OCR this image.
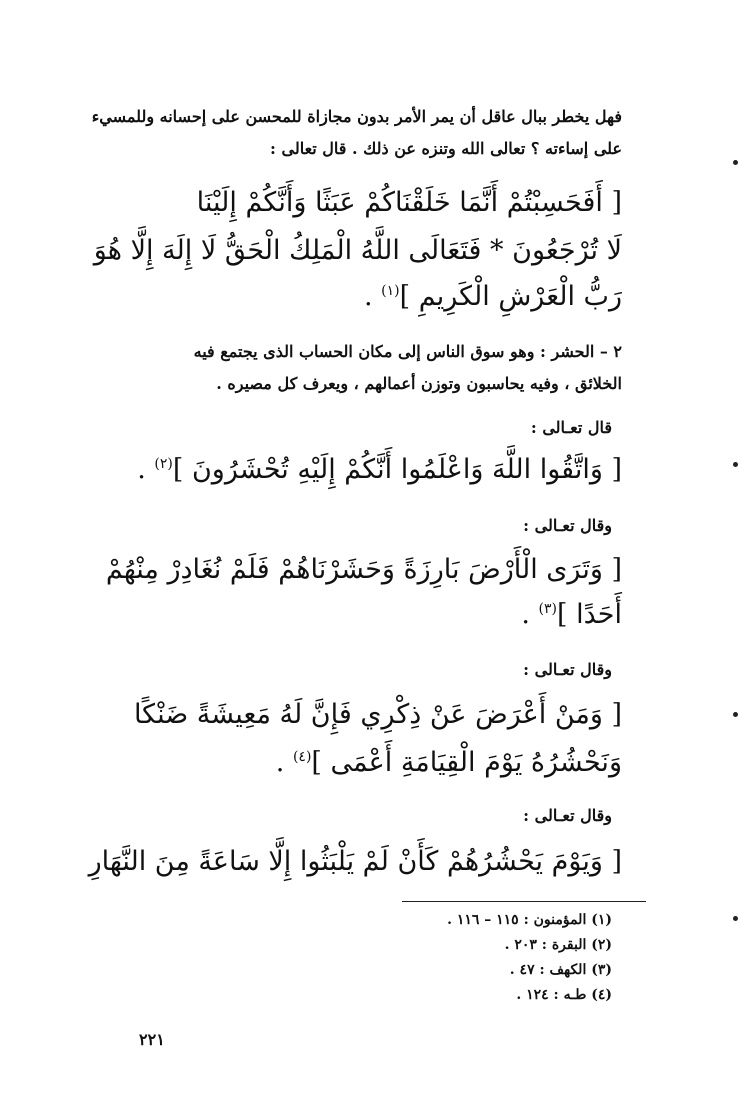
فهل يخطر ببال عاقل أن يمر الأمر بدون مجازاة للمحسن على إحسانه وللمسيء
على إساءته ؟ تعالى الله وتنزه عن ذلك . قال تعالى :
[ أَفَحَسِبْتُمْ أَنَّمَا خَلَقْنَاكُمْ عَبَثًا وَأَنَّكُمْ إِلَيْنَا
لَا تُرْجَعُونَ * فَتَعَالَى اللَّهُ الْمَلِكُ الْحَقُّ لَا إِلَهَ إِلَّا هُوَ
رَبُّ الْعَرْشِ الْكَرِيمِ ]$^{(١)}$ .
٢ – الحشر : وهو سوق الناس إلى مكان الحساب الذى يجتمع فيه
الخلائق ، وفيه يحاسبون وتوزن أعمالهم ، ويعرف كل مصيره .
قال تعـالى :
[ وَاتَّقُوا اللَّهَ وَاعْلَمُوا أَنَّكُمْ إِلَيْهِ تُحْشَرُونَ ]$^{(٢)}$ .
وقال تعـالى :
[ وَتَرَى الْأَرْضَ بَارِزَةً وَحَشَرْنَاهُمْ فَلَمْ نُغَادِرْ مِنْهُمْ
أَحَدًا ]$^{(٣)}$ .
وقال تعـالى :
[ وَمَنْ أَعْرَضَ عَنْ ذِكْرِي فَإِنَّ لَهُ مَعِيشَةً ضَنْكًا
وَنَحْشُرُهُ يَوْمَ الْقِيَامَةِ أَعْمَى ]$^{(٤)}$ .
وقال تعـالى :
[ وَيَوْمَ يَحْشُرُهُمْ كَأَنْ لَمْ يَلْبَثُوا إِلَّا سَاعَةً مِنَ النَّهَارِ
(١) المؤمنون : ١١٥ – ١١٦ .
(٢) البقرة : ٢٠٣ .
(٣) الكهف : ٤٧ .
(٤) طـه : ١٢٤ .
٢٢١
